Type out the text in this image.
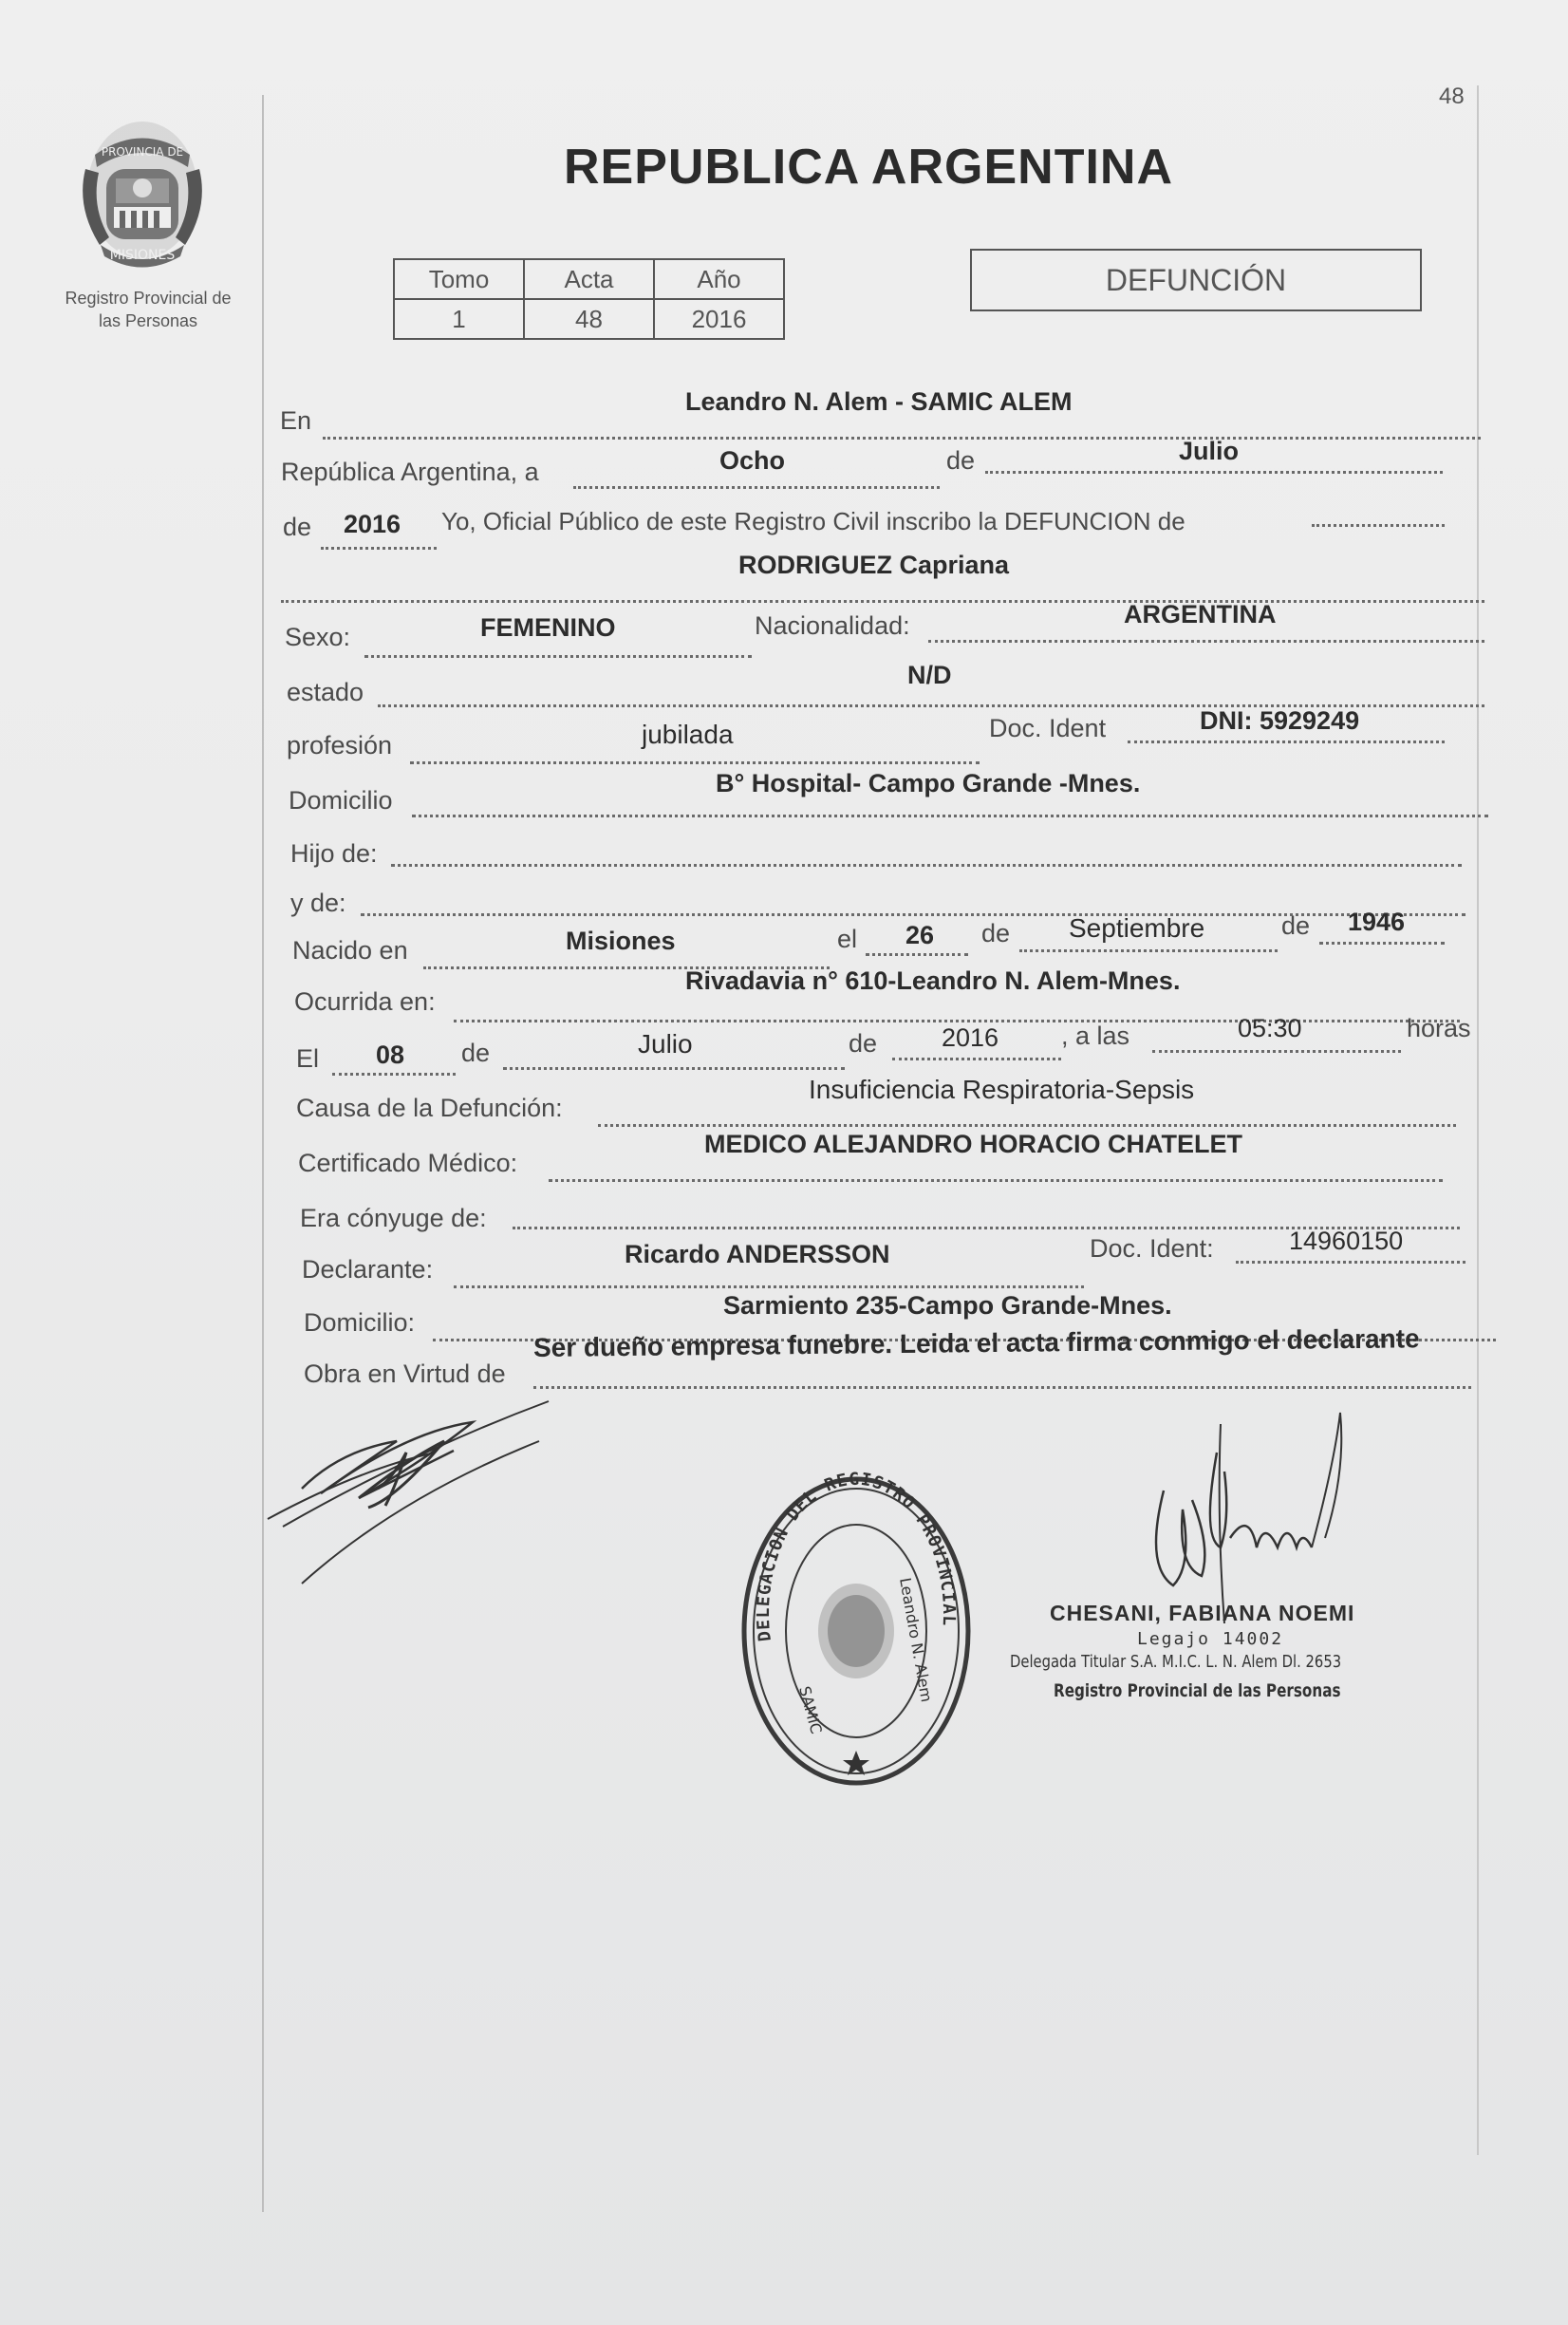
48
PROVINCIA DE
MISIONES
Registro Provincial de
las Personas
REPUBLICA ARGENTINA
Tomo	Acta	Año
1	48	2016
DEFUNCIÓN
En
Leandro N. Alem - SAMIC ALEM
República Argentina, a	Ocho	de	Julio
de 2016 Yo, Oficial Público de este Registro Civil inscribo la DEFUNCION de
RODRIGUEZ Capriana
Sexo:	FEMENINO	Nacionalidad:	ARGENTINA
estado
N/D
profesión	jubilada	Doc. Ident	DNI: 5929249
Domicilio
B° Hospital- Campo Grande -Mnes.
Hijo de:
y de:
Nacido en	Misiones	el 26 de Septiembre	de 1946
Ocurrida en:
Rivadavia n° 610-Leandro N. Alem-Mnes.
El 08 de	Julio	de	2016 , a las	05:30	horas
Causa de la Defunción:
Insuficiencia Respiratoria-Sepsis
Certificado Médico:
MEDICO ALEJANDRO HORACIO CHATELET
Era cónyuge de:
Declarante:
Ricardo ANDERSSON	Doc. Ident:	14960150
Domicilio:
Sarmiento 235-Campo Grande-Mnes.
Obra en Virtud de
Ser dueño empresa funebre. Leida el acta firma conmigo el declarante
DELEGACION DEL REGISTRO PROVINCIAL
SAMIC
Leandro N. Alem	CHESANI, FABIANA NOEMI
Legajo 14002
Delegada Titular S.A. M.I.C. L. N. Alem Dl. 2653
Registro Provincial de las Personas
